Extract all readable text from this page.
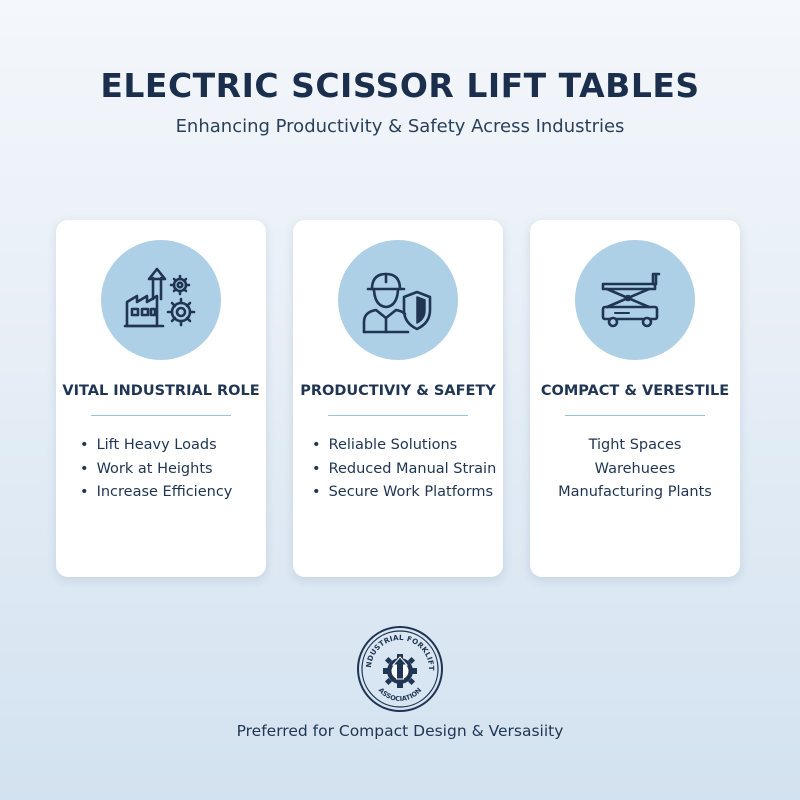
ELECTRIC SCISSOR LIFT TABLES

Enhancing Productivity & Safety Acress Industries

VITAL INDUSTRIAL ROLE
• Lift Heavy Loads
• Work at Heights
• Increase Efficiency
PRODUCTIVIY & SAFETY
• Reliable Solutions
• Reduced Manual Strain
• Secure Work Platforms
COMPACT & VERESTILE
Tight Spaces
Warehuees
Manufacturing Plants
NDUSTRIAL FORKLIFT
ASSOCIATION
Preferred for Compact Design & Versasiity
